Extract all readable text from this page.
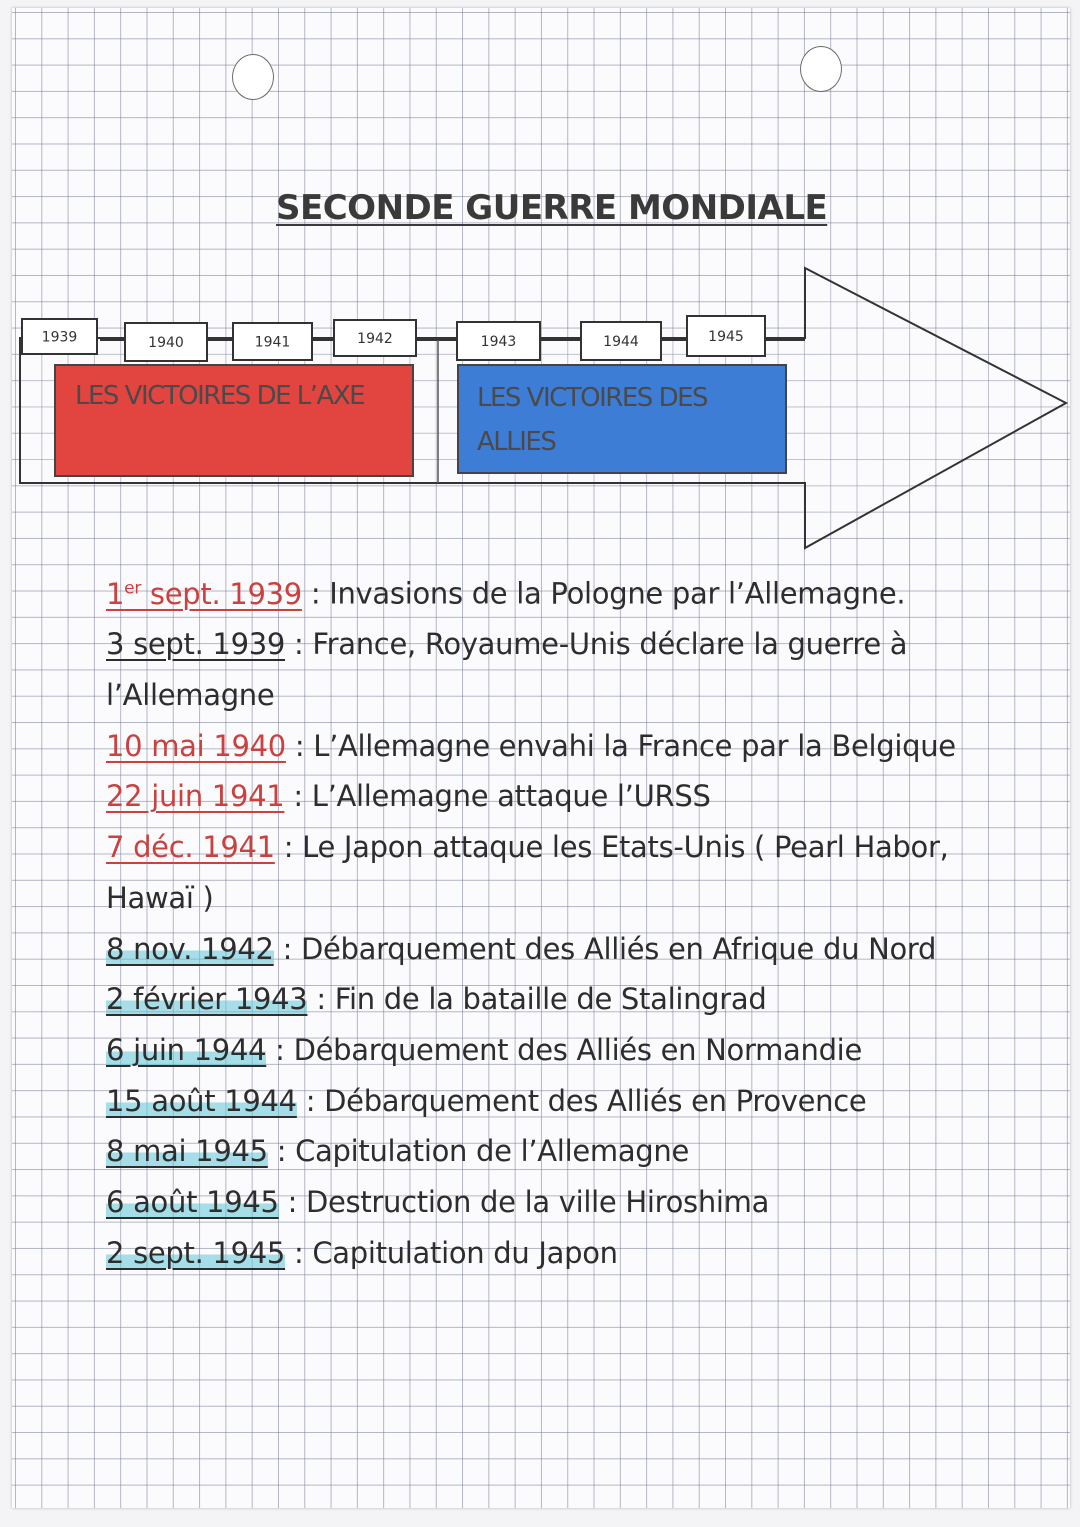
SECONDE GUERRE MONDIALE
1939	1940	1941	1942	1943	1944	1945
LES VICTOIRES DE L’AXE	LES VICTOIRES DES
ALLIES
1er sept. 1939 : Invasions de la Pologne par l’Allemagne.
3 sept. 1939 : France, Royaume-Unis déclare la guerre à l’Allemagne
10 mai 1940 : L’Allemagne envahi la France par la Belgique
22 juin 1941 : L’Allemagne attaque l’URSS
7 déc. 1941 : Le Japon attaque les Etats-Unis ( Pearl Habor, Hawaï )
8 nov. 1942 : Débarquement des Alliés en Afrique du Nord
2 février 1943 : Fin de la bataille de Stalingrad
6 juin 1944 : Débarquement des Alliés en Normandie
15 août 1944 : Débarquement des Alliés en Provence
8 mai 1945 : Capitulation de l’Allemagne
6 août 1945 : Destruction de la ville Hiroshima
2 sept. 1945 : Capitulation du Japon
